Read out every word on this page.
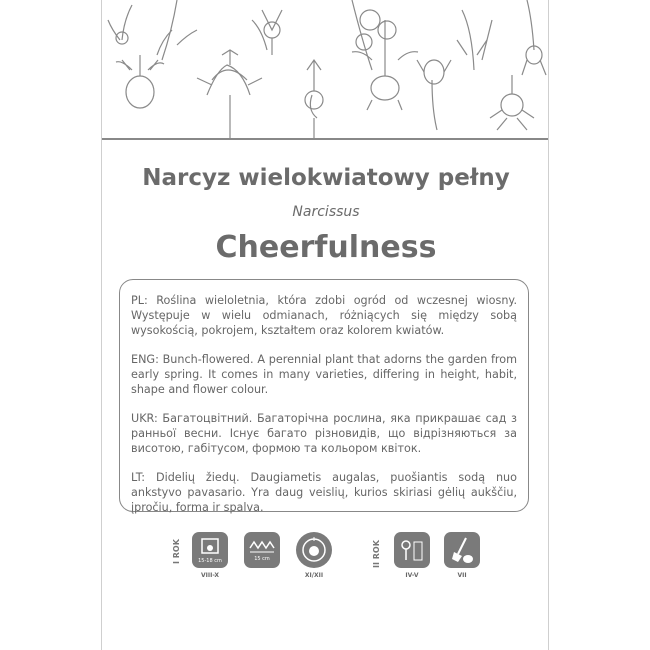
Narcyz wielokwiatowy pełny
Narcissus
Cheerfulness

PL: Roślina wieloletnia, która zdobi ogród od wczesnej wiosny. Występuje w wielu odmianach, różniących się między sobą wysokością, pokrojem, kształtem oraz kolorem kwiatów.

ENG: Bunch-flowered. A perennial plant that adorns the garden from early spring. It comes in many varieties, differing in height, habit, shape and flower colour.

UKR: Багатоцвітний. Багаторічна рослина, яка прикрашає сад з ранньої весни. Існує багато різновидів, що відрізняються за висотою, габітусом, формою та кольором квіток.

LT: Didelių žiedų. Daugiametis augalas, puošiantis sodą nuo ankstyvo pavasario. Yra daug veislių, kurios skiriasi gėlių aukščiu, įpročiu, forma ir spalva.

I ROK	15-18 cm
VIII-X
15 cm
XI/XII
II ROK
IV-V	VII
